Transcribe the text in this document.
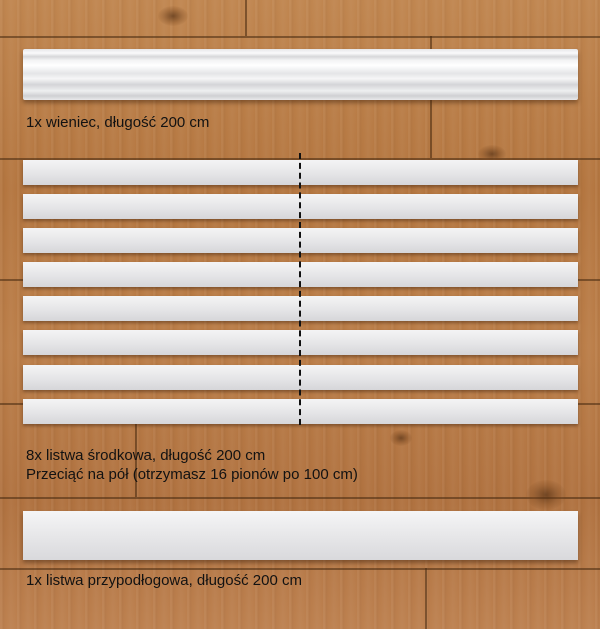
1x wieniec, długość 200 cm

8x listwa środkowa, długość 200 cm

Przeciąć na pół (otrzymasz 16 pionów po 100 cm)

1x listwa przypodłogowa, długość 200 cm
